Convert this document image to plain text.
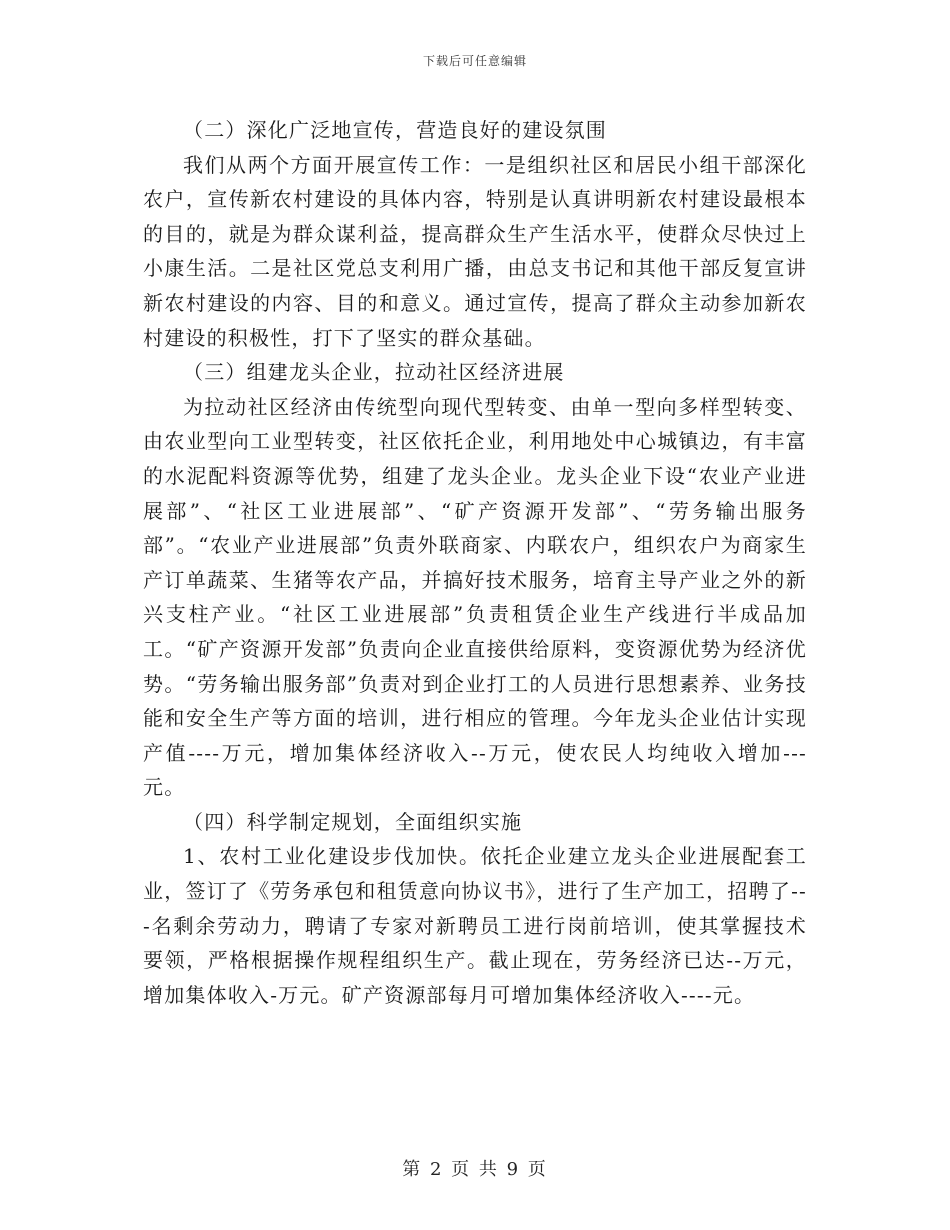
下载后可任意编辑

（二）深化广泛地宣传，营造良好的建设氛围

我们从两个方面开展宣传工作：一是组织社区和居民小组干部深化农户，宣传新农村建设的具体内容，特别是认真讲明新农村建设最根本的目的，就是为群众谋利益，提高群众生产生活水平，使群众尽快过上小康生活。二是社区党总支利用广播，由总支书记和其他干部反复宣讲新农村建设的内容、目的和意义。通过宣传，提高了群众主动参加新农村建设的积极性，打下了坚实的群众基础。

（三）组建龙头企业，拉动社区经济进展

为拉动社区经济由传统型向现代型转变、由单一型向多样型转变、由农业型向工业型转变，社区依托企业，利用地处中心城镇边，有丰富的水泥配料资源等优势，组建了龙头企业。龙头企业下设“农业产业进展部”、“社区工业进展部”、“矿产资源开发部”、“劳务输出服务部”。“农业产业进展部”负责外联商家、内联农户，组织农户为商家生产订单蔬菜、生猪等农产品，并搞好技术服务，培育主导产业之外的新兴支柱产业。“社区工业进展部”负责租赁企业生产线进行半成品加工。“矿产资源开发部”负责向企业直接供给原料，变资源优势为经济优势。“劳务输出服务部”负责对到企业打工的人员进行思想素养、业务技能和安全生产等方面的培训，进行相应的管理。今年龙头企业估计实现产值----万元，增加集体经济收入--万元，使农民人均纯收入增加---元。

（四）科学制定规划，全面组织实施

1、农村工业化建设步伐加快。依托企业建立龙头企业进展配套工业，签订了《劳务承包和租赁意向协议书》，进行了生产加工，招聘了---名剩余劳动力，聘请了专家对新聘员工进行岗前培训，使其掌握技术要领，严格根据操作规程组织生产。截止现在，劳务经济已达--万元，增加集体收入-万元。矿产资源部每月可增加集体经济收入----元。

第 2 页 共 9 页
